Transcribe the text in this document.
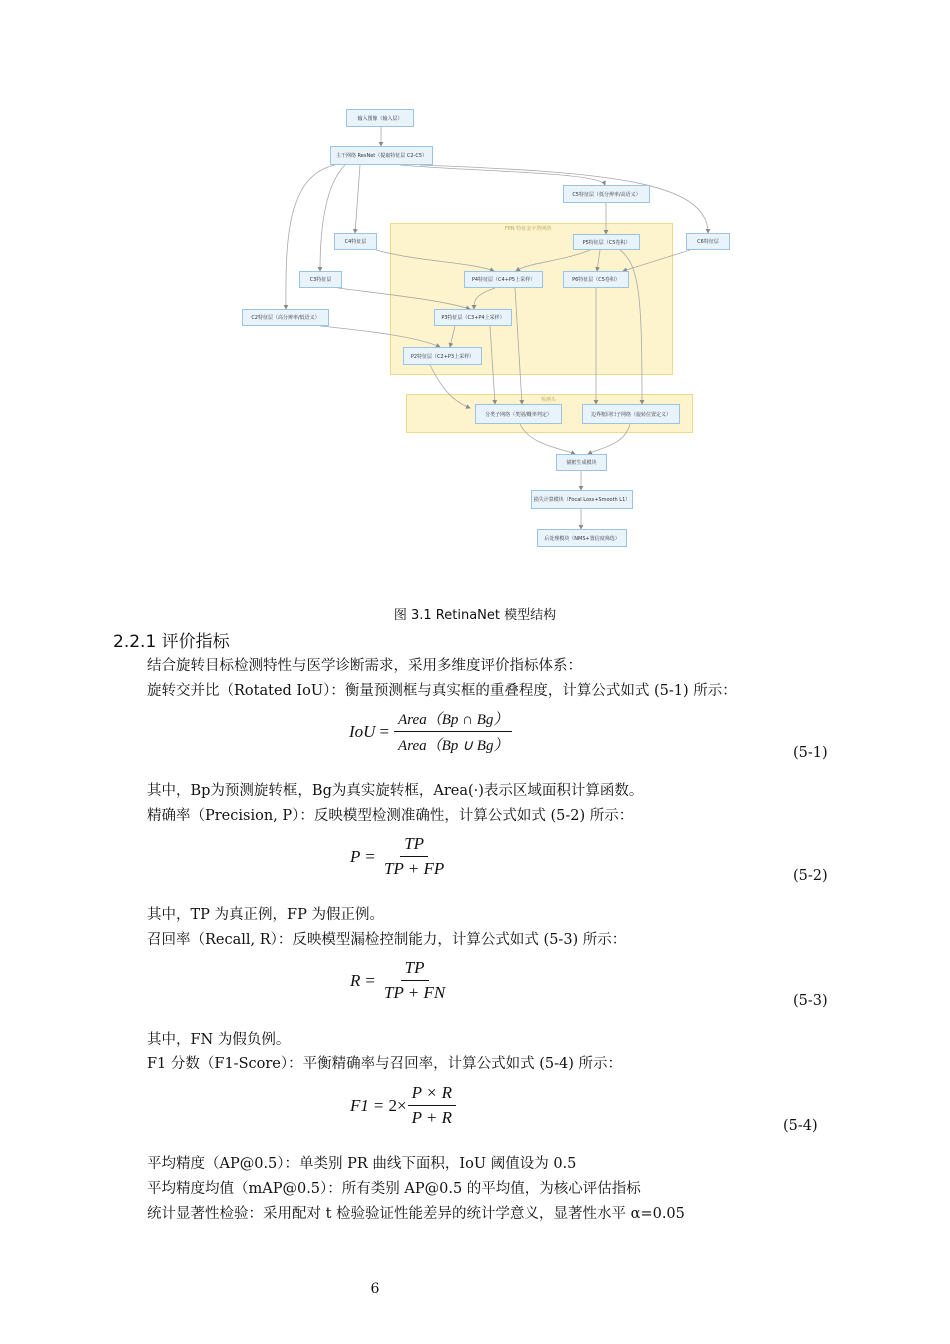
FPN 特征金字塔网络
检测头
输入图像（输入层）
主干网络 ResNet（提取特征层 C2-C5）
C5特征层（低分辨率/高语义）
C4特征层	P5特征层（C5卷积）	C6特征层
C3特征层	P4特征层（C4+P5上采样）	P6特征层（C5卷积）
C2特征层（高分辨率/低语义）	P3特征层（C3+P4上采样）
P2特征层（C2+P3上采样）
分类子网络（类别/概率判定）	边界框回归子网络（旋转位置定义）
锚框生成模块
损失计算模块（Focal Loss+Smooth L1）
后处理模块（NMS+置信度筛选）
图 3.1 RetinaNet 模型结构
2.2.1 评价指标
结合旋转目标检测特性与医学诊断需求，采用多维度评价指标体系：
旋转交并比（Rotated IoU）：衡量预测框与真实框的重叠程度，计算公式如式 (5-1) 所示：
IoU = $\frac{\text{Area（Bp ∩ Bg）}}{\text{Area（Bp ∪ Bg）}}$	(5-1)
其中，Bp为预测旋转框，Bg为真实旋转框，Area(·)表示区域面积计算函数。
精确率（Precision, P）：反映模型检测准确性，计算公式如式 (5-2) 所示：
$P = \frac{TP}{TP + FP}$	(5-2)
其中，TP 为真正例，FP 为假正例。
召回率（Recall, R）：反映模型漏检控制能力，计算公式如式 (5-3) 所示：
$R = \frac{TP}{TP + FN}$	(5-3)
其中，FN 为假负例。
F1 分数（F1-Score）：平衡精确率与召回率，计算公式如式 (5-4) 所示：
$F1 = 2\times \frac{P \times R}{P + R}$	(5-4)
平均精度（AP@0.5）：单类别 PR 曲线下面积，IoU 阈值设为 0.5
平均精度均值（mAP@0.5）：所有类别 AP@0.5 的平均值，为核心评估指标
统计显著性检验：采用配对 t 检验验证性能差异的统计学意义，显著性水平 α=0.05
6
